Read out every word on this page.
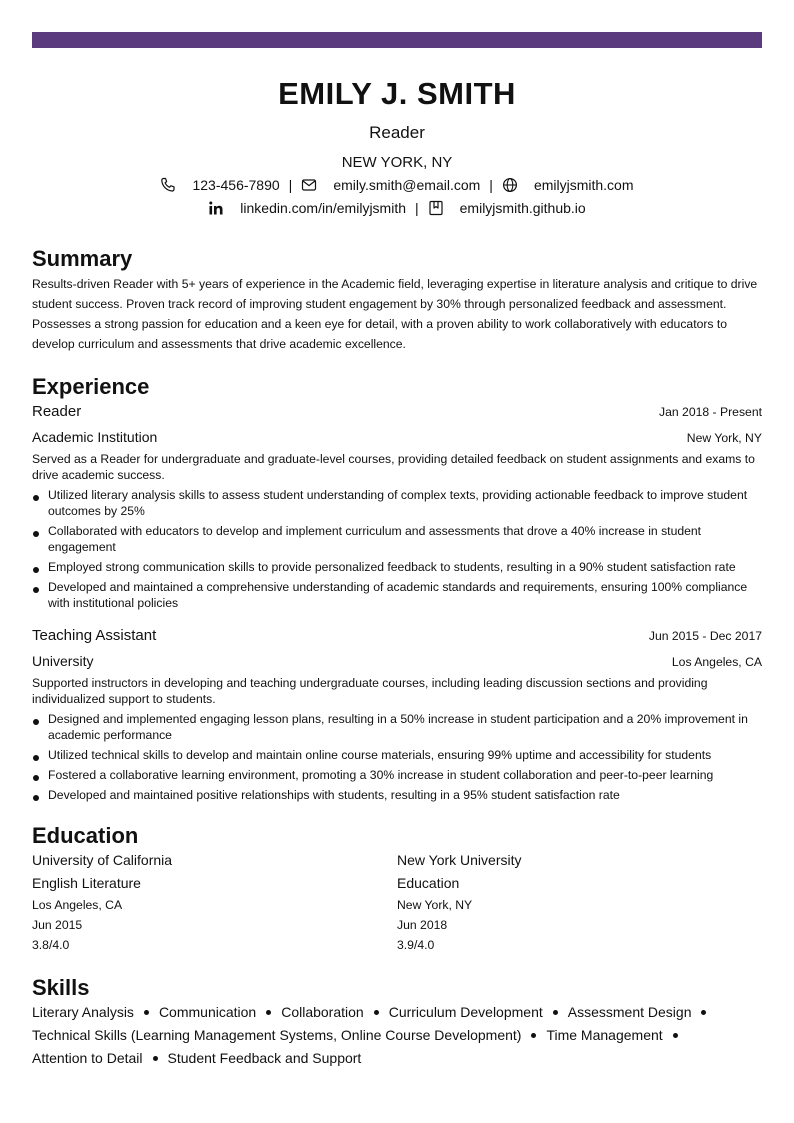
EMILY J. SMITH
Reader
NEW YORK, NY
123-456-7890 |	emily.smith@email.com |	emilyjsmith.com
linkedin.com/in/emilyjsmith |	emilyjsmith.github.io
Summary
Results-driven Reader with 5+ years of experience in the Academic field, leveraging expertise in literature analysis and critique to drive student success. Proven track record of improving student engagement by 30% through personalized feedback and assessment. Possesses a strong passion for education and a keen eye for detail, with a proven ability to work collaboratively with educators to develop curriculum and assessments that drive academic excellence.
Experience
Reader	Jan 2018 - Present
Academic Institution	New York, NY
Served as a Reader for undergraduate and graduate-level courses, providing detailed feedback on student assignments and exams to drive academic success.
Utilized literary analysis skills to assess student understanding of complex texts, providing actionable feedback to improve student outcomes by 25%
Collaborated with educators to develop and implement curriculum and assessments that drove a 40% increase in student engagement
Employed strong communication skills to provide personalized feedback to students, resulting in a 90% student satisfaction rate
Developed and maintained a comprehensive understanding of academic standards and requirements, ensuring 100% compliance with institutional policies
Teaching Assistant	Jun 2015 - Dec 2017
University	Los Angeles, CA
Supported instructors in developing and teaching undergraduate courses, including leading discussion sections and providing individualized support to students.
Designed and implemented engaging lesson plans, resulting in a 50% increase in student participation and a 20% improvement in academic performance
Utilized technical skills to develop and maintain online course materials, ensuring 99% uptime and accessibility for students
Fostered a collaborative learning environment, promoting a 30% increase in student collaboration and peer-to-peer learning
Developed and maintained positive relationships with students, resulting in a 95% student satisfaction rate
Education
University of California
English Literature
Los Angeles, CA
Jun 2015
3.8/4.0
New York University
Education
New York, NY
Jun 2018
3.9/4.0
Skills
Literary Analysis Communication Collaboration Curriculum Development Assessment Design
Technical Skills (Learning Management Systems, Online Course Development) Time Management
Attention to Detail Student Feedback and Support
